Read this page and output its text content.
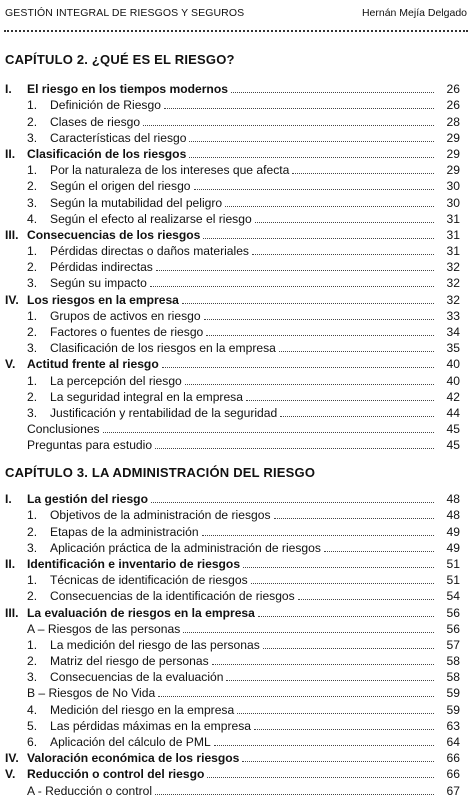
GESTIÓN INTEGRAL DE RIESGOS Y SEGUROS	Hernán Mejía Delgado
CAPÍTULO 2. ¿QUÉ ES EL RIESGO?
I. El riesgo en los tiempos modernos	26
1. Definición de Riesgo	26
2. Clases de riesgo	28
3. Características del riesgo	29
II. Clasificación de los riesgos	29
1. Por la naturaleza de los intereses que afecta	29
2. Según el origen del riesgo	30
3. Según la mutabilidad del peligro	30
4. Según el efecto al realizarse el riesgo	31
III. Consecuencias de los riesgos	31
1. Pérdidas directas o daños materiales	31
2. Pérdidas indirectas	32
3. Según su impacto	32
IV. Los riesgos en la empresa	32
1. Grupos de activos en riesgo	33
2. Factores o fuentes de riesgo	34
3. Clasificación de los riesgos en la empresa	35
V. Actitud frente al riesgo	40
1. La percepción del riesgo	40
2. La seguridad integral en la empresa	42
3. Justificación y rentabilidad de la seguridad	44
Conclusiones	45
Preguntas para estudio	45
CAPÍTULO 3. LA ADMINISTRACIÓN DEL RIESGO
I. La gestión del riesgo	48
1. Objetivos de la administración de riesgos	48
2. Etapas de la administración	49
3. Aplicación práctica de la administración de riesgos	49
II. Identificación e inventario de riesgos	51
1. Técnicas de identificación de riesgos	51
2. Consecuencias de la identificación de riesgos	54
III. La evaluación de riesgos en la empresa	56
A – Riesgos de las personas	56
1. La medición del riesgo de las personas	57
2. Matriz del riesgo de personas	58
3. Consecuencias de la evaluación	58
B – Riesgos de No Vida	59
4. Medición del riesgo en la empresa	59
5. Las pérdidas máximas en la empresa	63
6. Aplicación del cálculo de PML	64
IV. Valoración económica de los riesgos	66
V. Reducción o control del riesgo	66
A - Reducción o control	67
